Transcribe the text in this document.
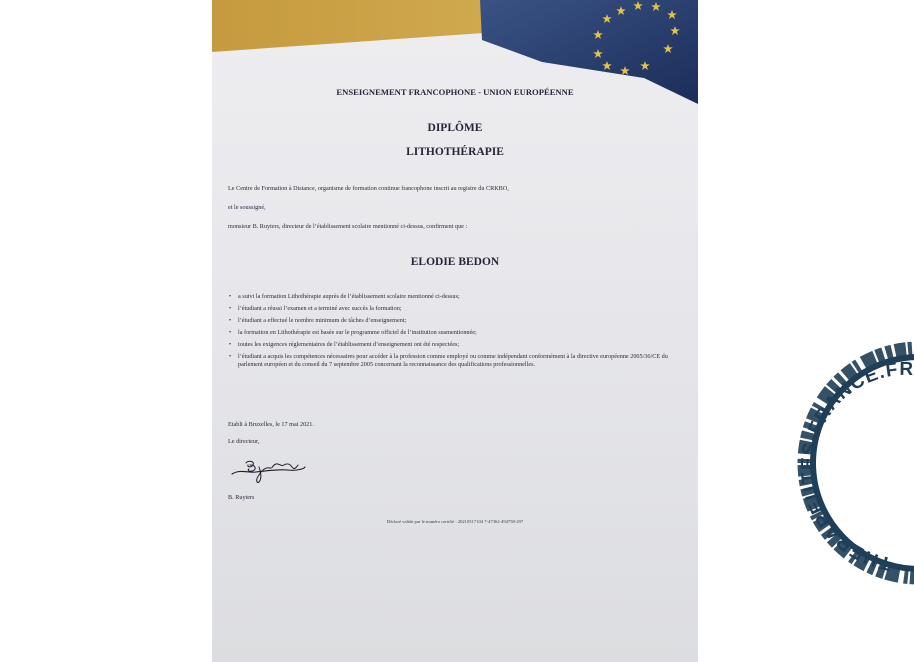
ENSEIGNEMENT FRANCOPHONE - UNION EUROPÉENNE
DIPLÔME
LITHOTHÉRAPIE
Le Centre de Formation à Distance, organisme de formation continue francophone inscrit au registre du CRKBO,
et le soussigné,
monsieur B. Ruyters, directeur de l’établissement scolaire mentionné ci-dessus, confirment que :
ELODIE BEDON
• a suivi la formation Lithothérapie auprès de l’établissement scolaire mentionné ci-dessus;
• l’étudiant a réussi l’examen et a terminé avec succès la formation;
• l’étudiant a effectué le nombre minimum de tâches d’enseignement;
• la formation en Lithothérapie est basée sur le programme officiel de l’institution susmentionnée;
• toutes les exigences réglementaires de l’établissement d’enseignement ont été respectées;
• l’étudiant a acquis les compétences nécessaires pour accéder à la profession comme employé ou comme indépendant conformément à la directive européenne 2005/36/CE du parlement européen et du conseil du 7 septembre 2005 concernant la reconnaissance des qualifications professionnelles.
Etabli à Bruxelles, le 17 mai 2021.
Le directeur,
B. Ruyters
Déclaré valide par le numéro certifié : 20210517104 7-47362-494758-297
THERAPEUTES-FRANCE.FR
